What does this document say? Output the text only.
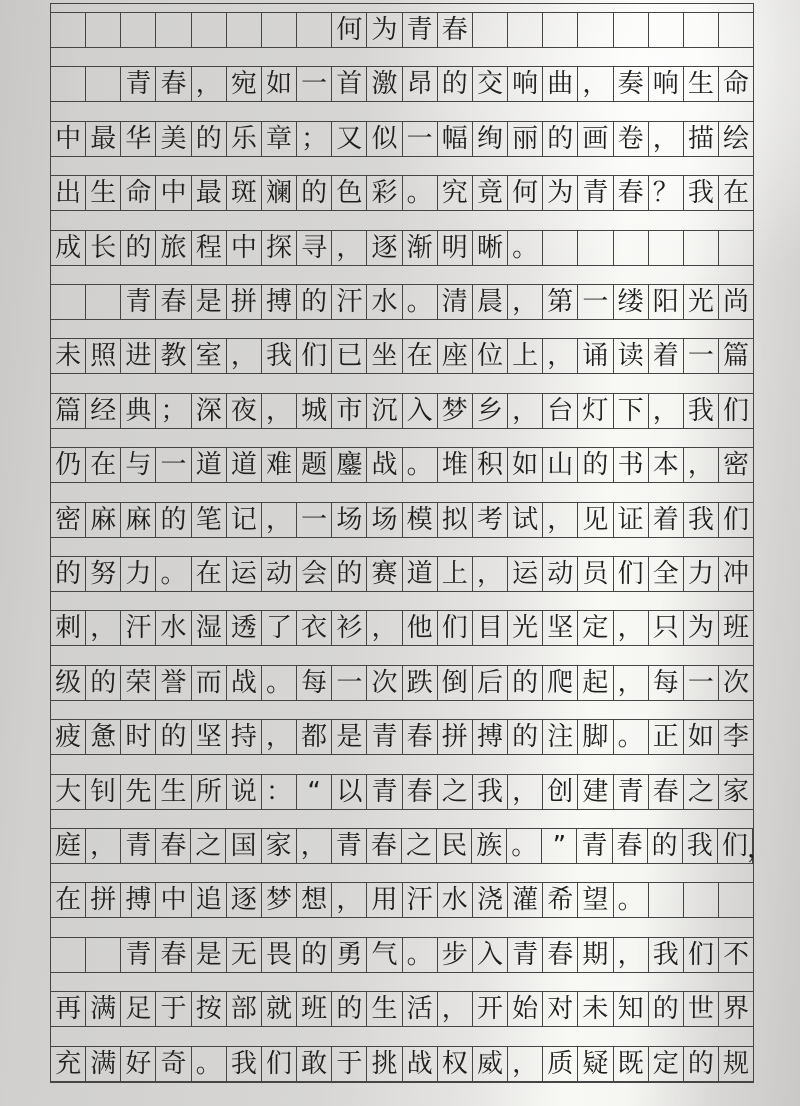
何 为 青 春
青 春 ， 宛 如 一 首 激 昂 的 交 响 曲 ， 奏 响 生 命
中 最 华 美 的 乐 章 ； 又 似 一 幅 绚 丽 的 画 卷 ， 描 绘
出 生 命 中 最 斑 斓 的 色 彩 。 究 竟 何 为 青 春 ？ 我 在
成 长 的 旅 程 中 探 寻 ， 逐 渐 明 晰 。
青 春 是 拼 搏 的 汗 水 。 清 晨 ， 第 一 缕 阳 光 尚
未 照 进 教 室 ， 我 们 已 坐 在 座 位 上 ， 诵 读 着 一 篇
篇 经 典 ； 深 夜 ， 城 市 沉 入 梦 乡 ， 台 灯 下 ， 我 们
仍 在 与 一 道 道 难 题 鏖 战 。 堆 积 如 山 的 书 本 ， 密
密 麻 麻 的 笔 记 ， 一 场 场 模 拟 考 试 ， 见 证 着 我 们
的 努 力 。 在 运 动 会 的 赛 道 上 ， 运 动 员 们 全 力 冲
刺 ， 汗 水 湿 透 了 衣 衫 ， 他 们 目 光 坚 定 ， 只 为 班
级 的 荣 誉 而 战 。 每 一 次 跌 倒 后 的 爬 起 ， 每 一 次
疲 惫 时 的 坚 持 ， 都 是 青 春 拼 搏 的 注 脚 。 正 如 李
大 钊 先 生 所 说 ： “ 以 青 春 之 我 ， 创 建 青 春 之 家
庭 ， 青 春 之 国 家 ， 青 春 之 民 族 。 ” 青 春 的 我 们 ，
在 拼 搏 中 追 逐 梦 想 ， 用 汗 水 浇 灌 希 望 。
青 春 是 无 畏 的 勇 气 。 步 入 青 春 期 ， 我 们 不
再 满 足 于 按 部 就 班 的 生 活 ， 开 始 对 未 知 的 世 界
充 满 好 奇 。 我 们 敢 于 挑 战 权 威 ， 质 疑 既 定 的 规
